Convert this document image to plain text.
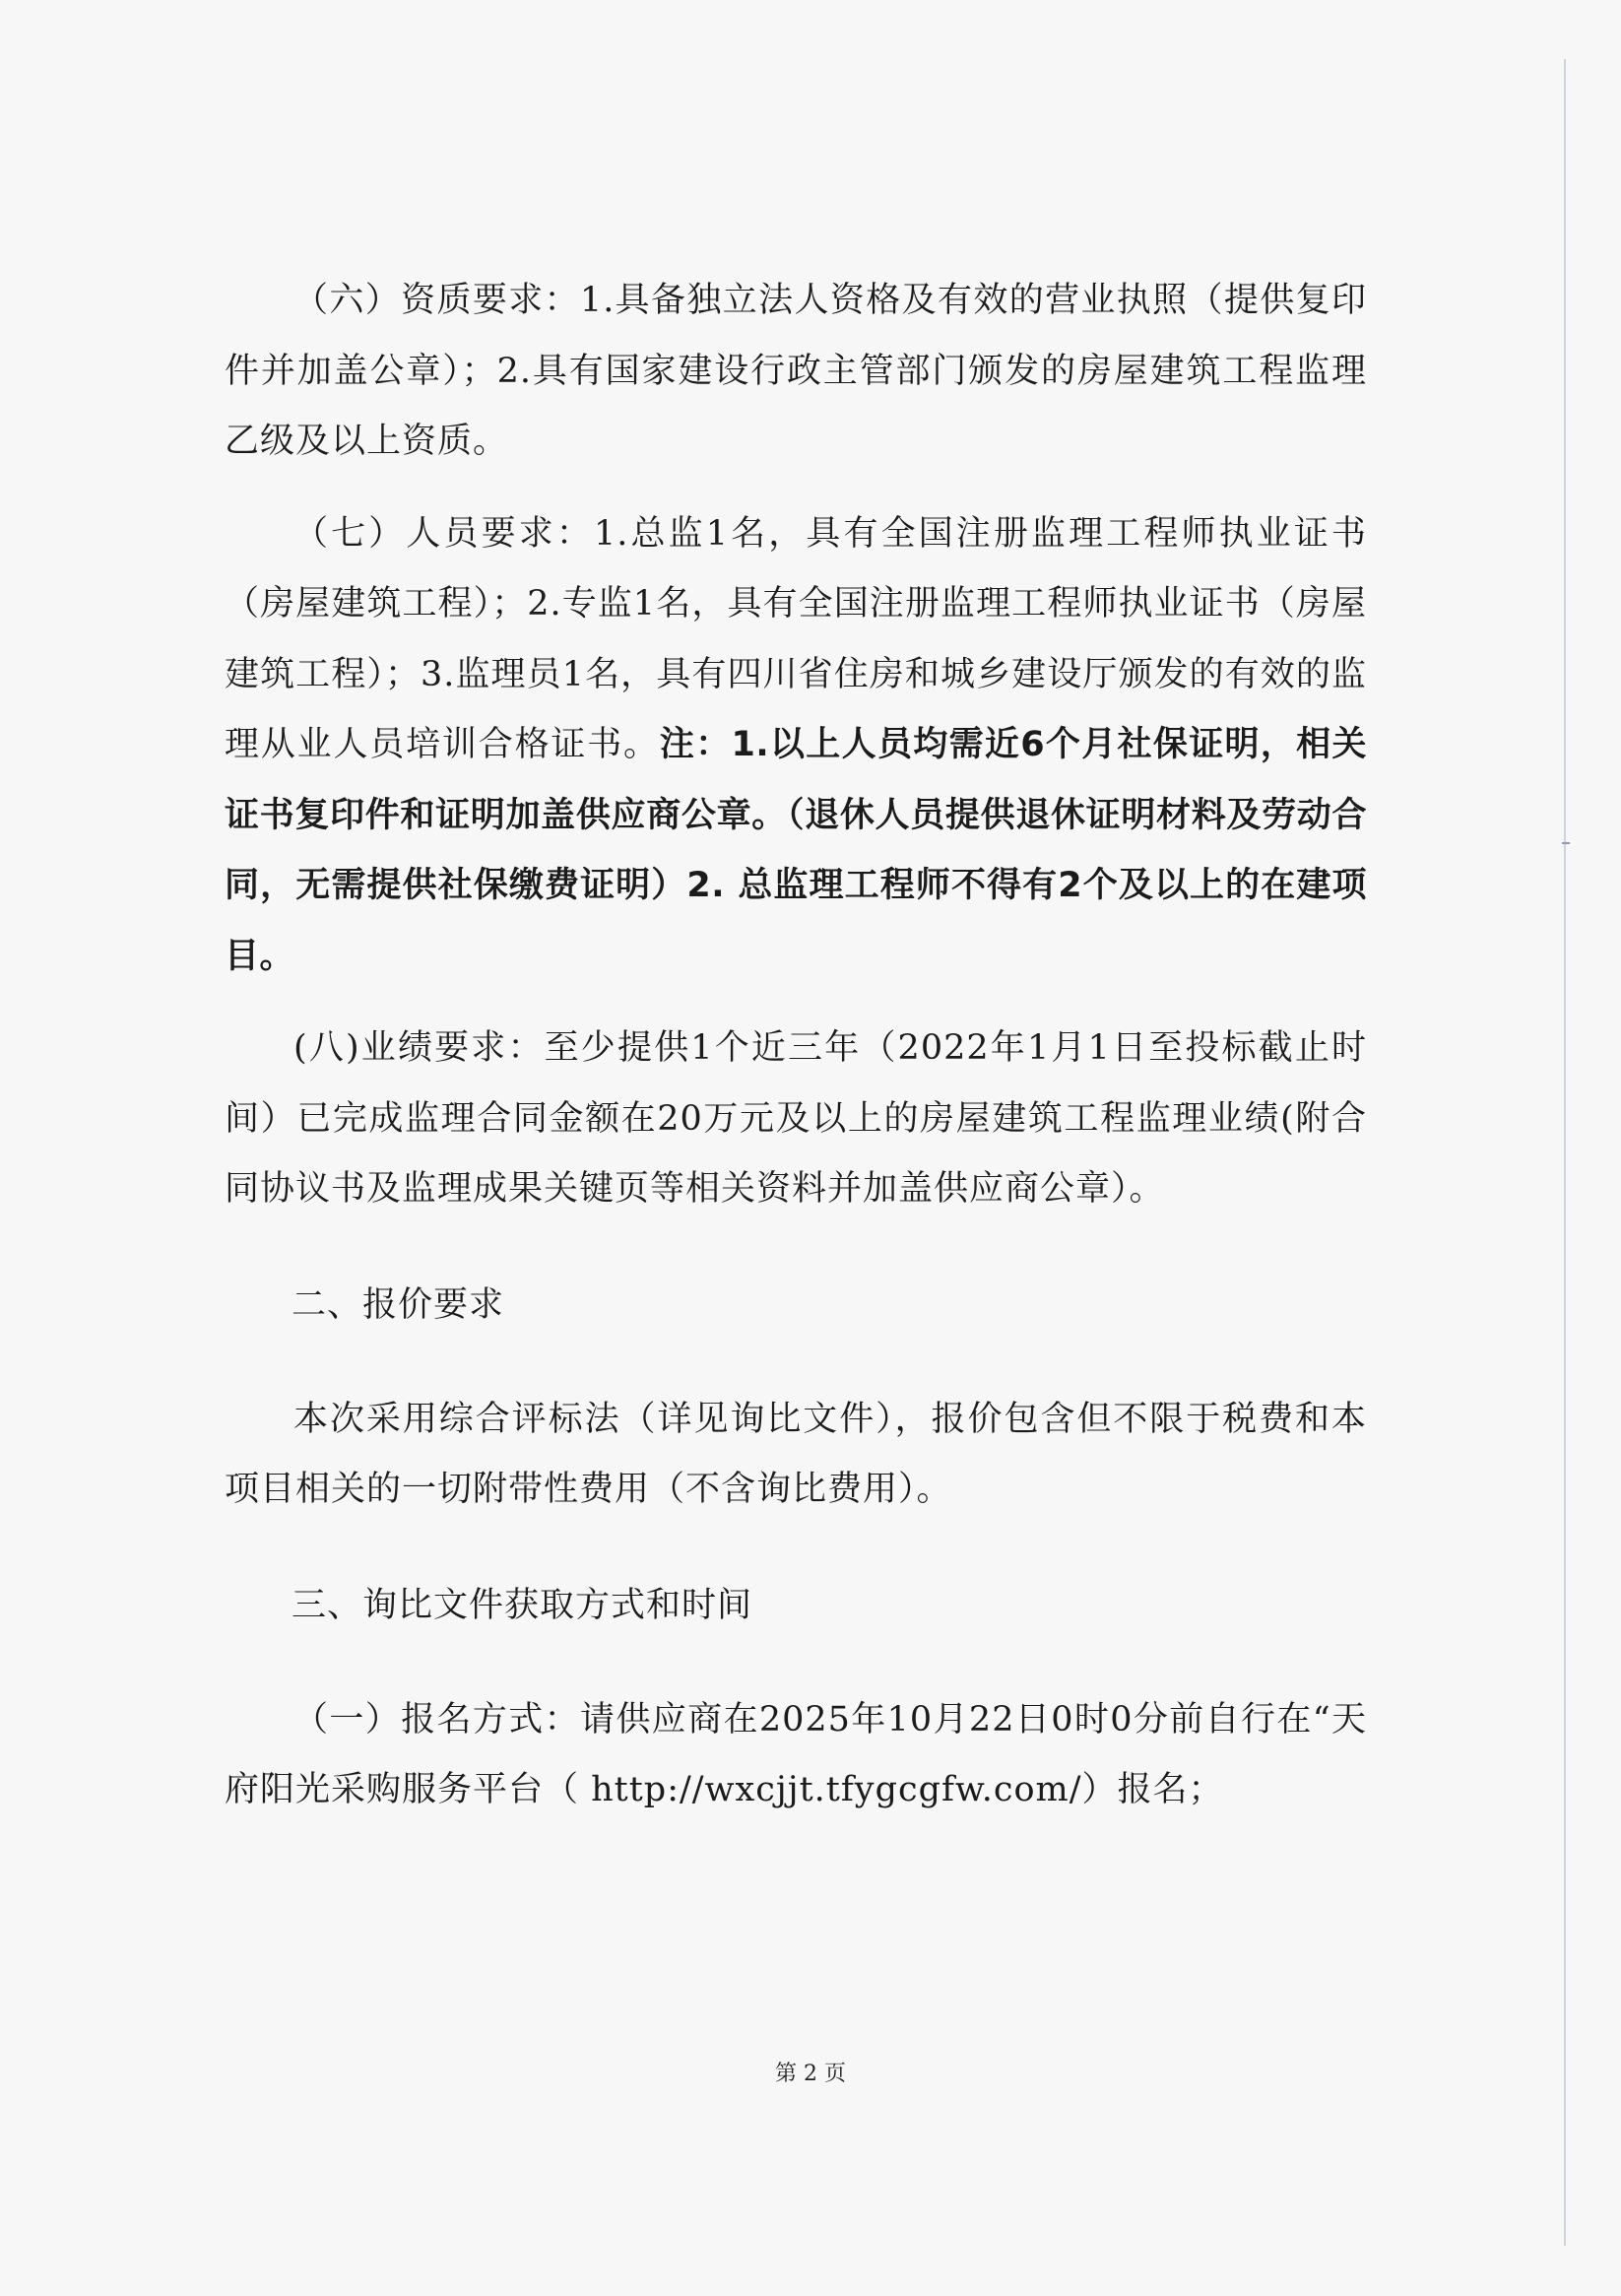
（六）资质要求：1.具备独立法人资格及有效的营业执照（提供复印件并加盖公章）；2.具有国家建设行政主管部门颁发的房屋建筑工程监理乙级及以上资质。

（七）人员要求：1.总监1名，具有全国注册监理工程师执业证书（房屋建筑工程）；2.专监1名，具有全国注册监理工程师执业证书（房屋建筑工程）；3.监理员1名，具有四川省住房和城乡建设厅颁发的有效的监理从业人员培训合格证书。注：1.以上人员均需近6个月社保证明，相关证书复印件和证明加盖供应商公章。（退休人员提供退休证明材料及劳动合同，无需提供社保缴费证明）2. 总监理工程师不得有2个及以上的在建项目。

(八)业绩要求：至少提供1个近三年（2022年1月1日至投标截止时间）已完成监理合同金额在20万元及以上的房屋建筑工程监理业绩(附合同协议书及监理成果关键页等相关资料并加盖供应商公章）。

二、报价要求

本次采用综合评标法（详见询比文件），报价包含但不限于税费和本项目相关的一切附带性费用（不含询比费用）。

三、询比文件获取方式和时间

（一）报名方式：请供应商在2025年10月22日0时0分前自行在“天府阳光采购服务平台（ http://wxcjjt.tfygcgfw.com/）报名；

第 2 页
